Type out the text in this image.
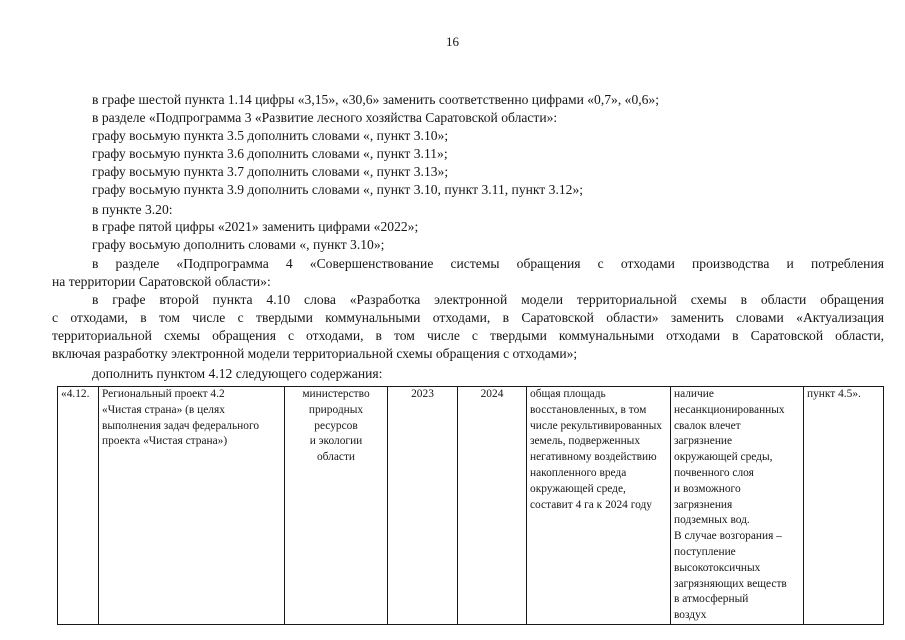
16
в графе шестой пункта 1.14 цифры «3,15», «30,6» заменить соответственно цифрами «0,7», «0,6»;
в разделе «Подпрограмма 3 «Развитие лесного хозяйства Саратовской области»:
графу восьмую пункта 3.5 дополнить словами «, пункт 3.10»;
графу восьмую пункта 3.6 дополнить словами «, пункт 3.11»;
графу восьмую пункта 3.7 дополнить словами «, пункт 3.13»;
графу восьмую пункта 3.9 дополнить словами «, пункт 3.10, пункт 3.11, пункт 3.12»;
в пункте 3.20:
в графе пятой цифры «2021» заменить цифрами «2022»;
графу восьмую дополнить словами «, пункт 3.10»;
в разделе «Подпрограмма 4 «Совершенствование системы обращения с отходами производства и потребления
на территории Саратовской области»:
в графе второй пункта 4.10 слова «Разработка электронной модели территориальной схемы в области обращения
с отходами, в том числе с твердыми коммунальными отходами, в Саратовской области» заменить словами «Актуализация
территориальной схемы обращения с отходами, в том числе с твердыми коммунальными отходами в Саратовской области,
включая разработку электронной модели территориальной схемы обращения с отходами»;
дополнить пунктом 4.12 следующего содержания:
«4.12.	Региональный проект 4.2
«Чистая страна» (в целях
выполнения задач федерального
проекта «Чистая страна»)

министерство
природных
ресурсов
и экологии
области
	2023	2024	общая площадь
восстановленных, в том
числе рекультивированных
земель, подверженных
негативному воздействию
накопленного вреда
окружающей среде,
составит 4 га к 2024 году

наличие
несанкционированных
свалок влечет
загрязнение
окружающей среды,
почвенного слоя
и возможного
загрязнения
подземных вод.
В случае возгорания –
поступление
высокотоксичных
загрязняющих веществ
в атмосферный
воздух
	пункт 4.5».
